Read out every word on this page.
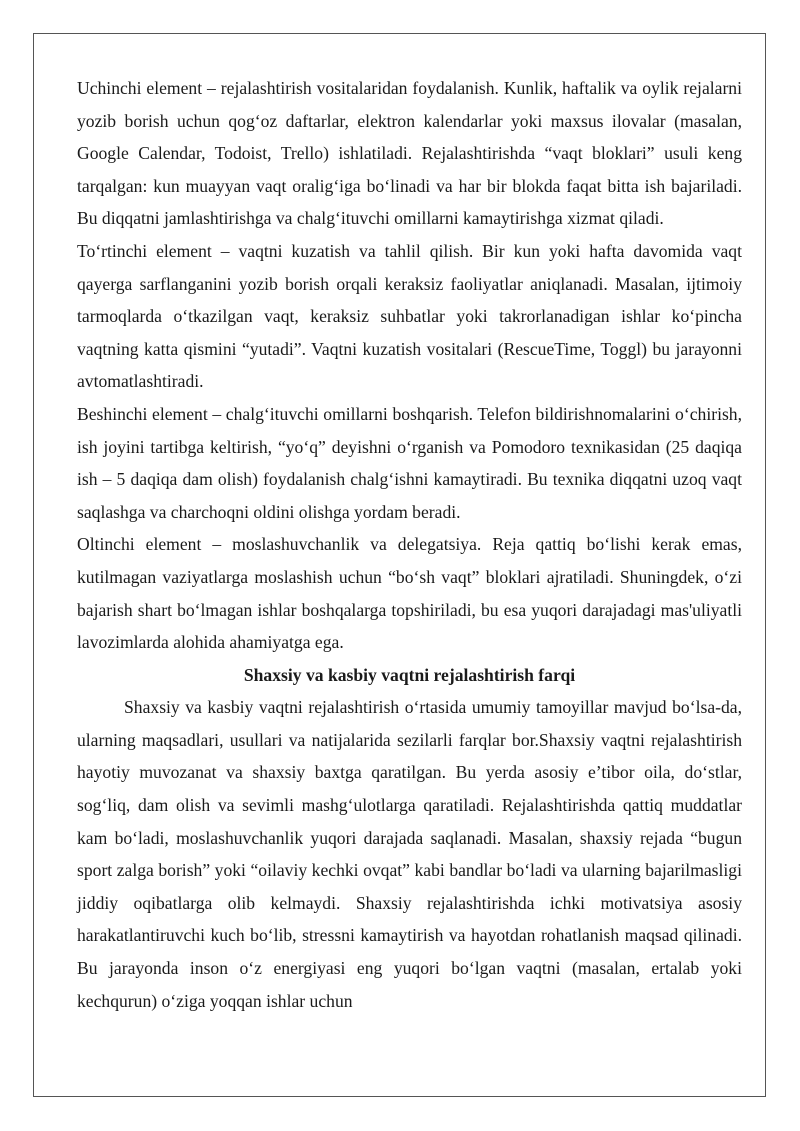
Uchinchi element – rejalashtirish vositalaridan foydalanish. Kunlik, haftalik va oylik rejalarni yozib borish uchun qog‘oz daftarlar, elektron kalendarlar yoki maxsus ilovalar (masalan, Google Calendar, Todoist, Trello) ishlatiladi. Rejalashtirishda “vaqt bloklari” usuli keng tarqalgan: kun muayyan vaqt oralig‘iga bo‘linadi va har bir blokda faqat bitta ish bajariladi. Bu diqqatni jamlashtirishga va chalg‘ituvchi omillarni kamaytirishga xizmat qiladi.

To‘rtinchi element – vaqtni kuzatish va tahlil qilish. Bir kun yoki hafta davomida vaqt qayerga sarflanganini yozib borish orqali keraksiz faoliyatlar aniqlanadi. Masalan, ijtimoiy tarmoqlarda o‘tkazilgan vaqt, keraksiz suhbatlar yoki takrorlanadigan ishlar ko‘pincha vaqtning katta qismini “yutadi”. Vaqtni kuzatish vositalari (RescueTime, Toggl) bu jarayonni avtomatlashtiradi.

Beshinchi element – chalg‘ituvchi omillarni boshqarish. Telefon bildirishnomalarini o‘chirish, ish joyini tartibga keltirish, “yo‘q” deyishni o‘rganish va Pomodoro texnikasidan (25 daqiqa ish – 5 daqiqa dam olish) foydalanish chalg‘ishni kamaytiradi. Bu texnika diqqatni uzoq vaqt saqlashga va charchoqni oldini olishga yordam beradi.

Oltinchi element – moslashuvchanlik va delegatsiya. Reja qattiq bo‘lishi kerak emas, kutilmagan vaziyatlarga moslashish uchun “bo‘sh vaqt” bloklari ajratiladi. Shuningdek, o‘zi bajarish shart bo‘lmagan ishlar boshqalarga topshiriladi, bu esa yuqori darajadagi mas'uliyatli lavozimlarda alohida ahamiyatga ega.

Shaxsiy va kasbiy vaqtni rejalashtirish farqi

Shaxsiy va kasbiy vaqtni rejalashtirish o‘rtasida umumiy tamoyillar mavjud bo‘lsa-da, ularning maqsadlari, usullari va natijalarida sezilarli farqlar bor.Shaxsiy vaqtni rejalashtirish hayotiy muvozanat va shaxsiy baxtga qaratilgan. Bu yerda asosiy e’tibor oila, do‘stlar, sog‘liq, dam olish va sevimli mashg‘ulotlarga qaratiladi. Rejalashtirishda qattiq muddatlar kam bo‘ladi, moslashuvchanlik yuqori darajada saqlanadi. Masalan, shaxsiy rejada “bugun sport zalga borish” yoki “oilaviy kechki ovqat” kabi bandlar bo‘ladi va ularning bajarilmasligi jiddiy oqibatlarga olib kelmaydi. Shaxsiy rejalashtirishda ichki motivatsiya asosiy harakatlantiruvchi kuch bo‘lib, stressni kamaytirish va hayotdan rohatlanish maqsad qilinadi. Bu jarayonda inson o‘z energiyasi eng yuqori bo‘lgan vaqtni (masalan, ertalab yoki kechqurun) o‘ziga yoqqan ishlar uchun
